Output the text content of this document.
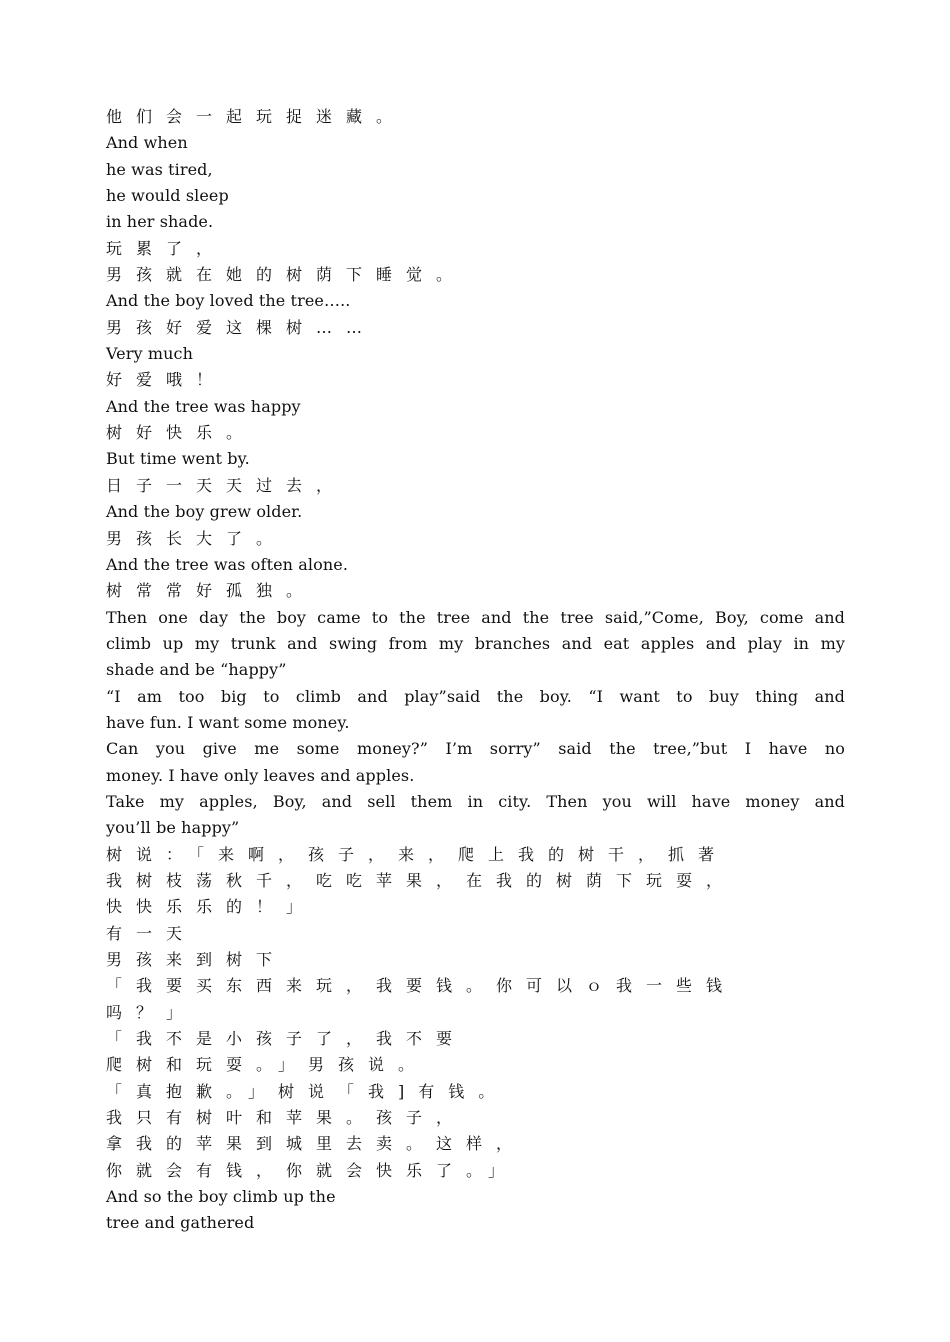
他们会一起玩捉迷藏。
And when
he was tired,
he would sleep
in her shade.
玩累了，
男孩就在她的树荫下睡觉。
And the boy loved the tree…..
男孩好爱这棵树……
Very much
好爱哦！
And the tree was happy
树好快乐。
But time went by.
日子一天天过去，
And the boy grew older.
男孩长大了。
And the tree was often alone.
树常常好孤独。
Then one day the boy came to the tree and the tree said,”Come, Boy, come and
climb up my trunk and swing from my branches and eat apples and play in my
shade and be “happy”
“I am too big to climb and play”said the boy. “I want to buy thing and
have fun. I want some money.
Can you give me some money?” I’m sorry” said the tree,”but I have no
money. I have only leaves and apples.
Take my apples, Boy, and sell them in city. Then you will have money and
you’ll be happy”
树说：「来啊，孩子，来，爬上我的树干，抓著
我树枝荡秋千，吃吃苹果，在我的树荫下玩耍，
快快乐乐的！」
有一天
男孩来到树下
「我要买东西来玩，我要钱。你可以ｏ我一些钱
吗？」
「我不是小孩子了，我不要
爬树和玩耍。」男孩说。
「真抱歉。」树说「我]有钱。
我只有树叶和苹果。孩子，
拿我的苹果到城里去卖。这样，
你就会有钱，你就会快乐了。」
And so the boy climb up the
tree and gathered
